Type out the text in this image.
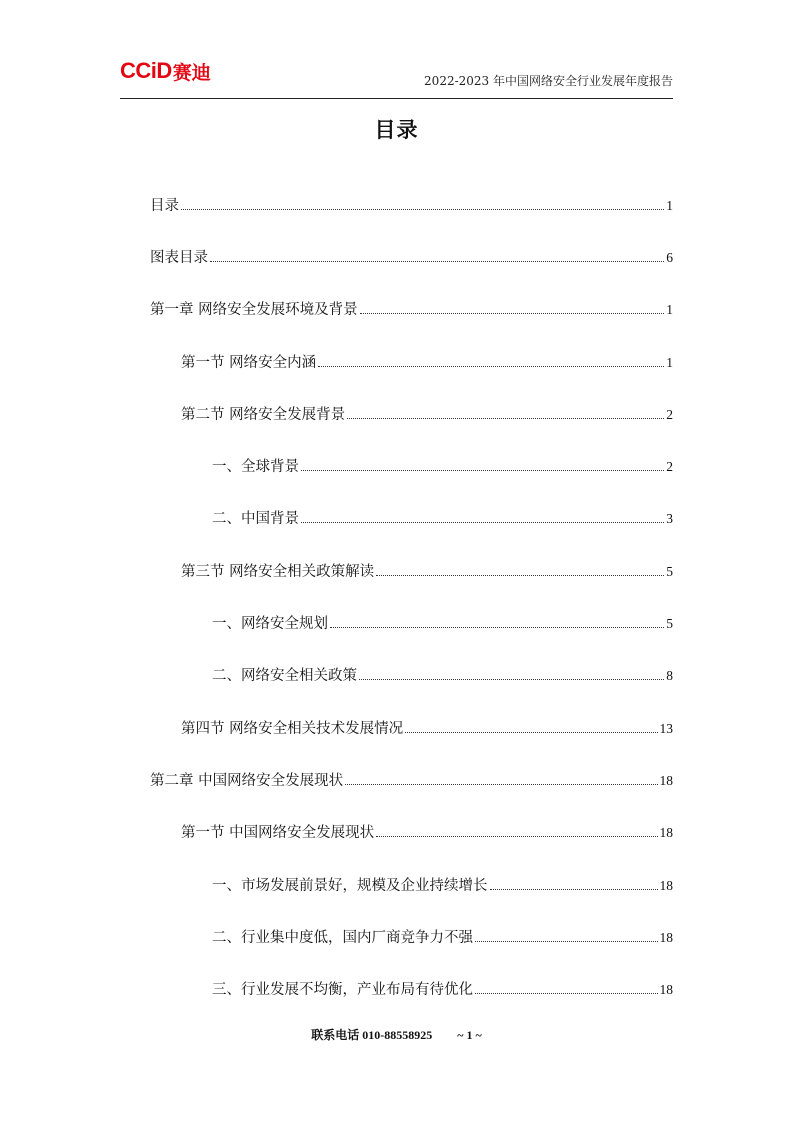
CCiD 赛迪	2022-2023 年中国网络安全行业发展年度报告
目录
目录	1
图表目录	6
第一章 网络安全发展环境及背景	1
第一节 网络安全内涵	1
第二节 网络安全发展背景	2
一、全球背景	2
二、中国背景	3
第三节 网络安全相关政策解读	5
一、网络安全规划	5
二、网络安全相关政策	8
第四节 网络安全相关技术发展情况	13
第二章 中国网络安全发展现状	18
第一节 中国网络安全发展现状	18
一、市场发展前景好，规模及企业持续增长	18
二、行业集中度低，国内厂商竞争力不强	18
三、行业发展不均衡，产业布局有待优化	18
联系电话 010-88558925 ~ 1 ~
